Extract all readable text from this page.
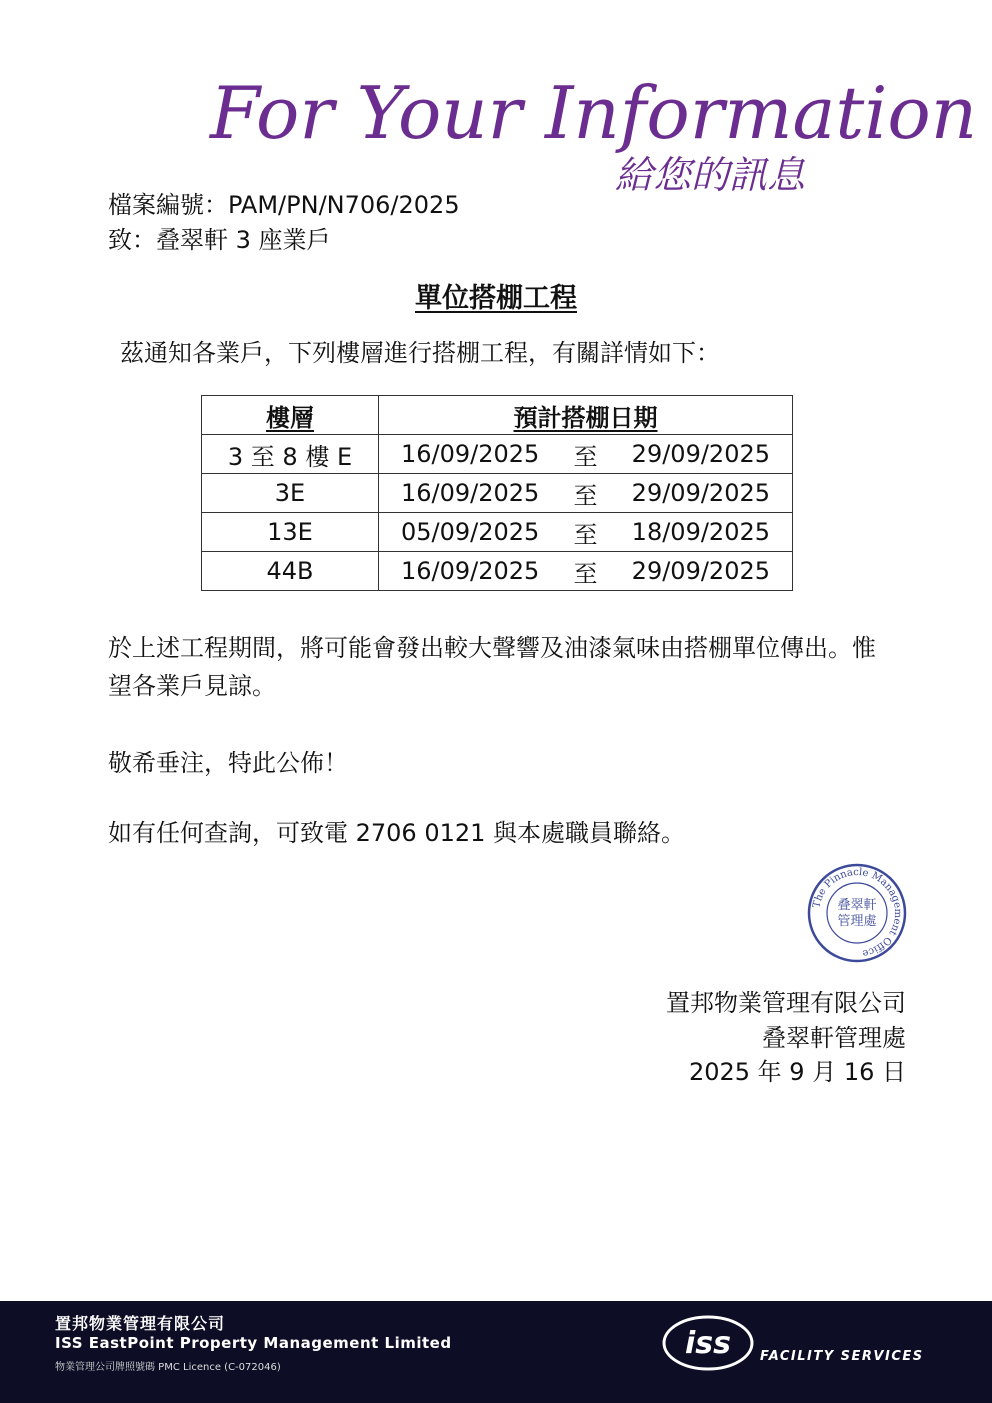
For Your Information
給您的訊息
檔案編號：PAM/PN/N706/2025
致：叠翠軒 3 座業戶
單位搭棚工程
茲通知各業戶，下列樓層進行搭棚工程，有關詳情如下：
樓層	預計搭棚日期
3 至 8 樓 E	16/09/2025 至 29/09/2025

3E	16/09/2025 至 29/09/2025

13E	05/09/2025 至 18/09/2025

44B	16/09/2025 至 29/09/2025
於上述工程期間，將可能會發出較大聲響及油漆氣味由搭棚單位傳出。惟望各業戶見諒。
敬希垂注，特此公佈！
如有任何查詢，可致電 2706 0121 與本處職員聯絡。
The Pinnacle Management Office
叠翠軒
管理處
置邦物業管理有限公司
叠翠軒管理處
2025 年 9 月 16 日
置邦物業管理有限公司
ISS EastPoint Property Management Limited
物業管理公司牌照號碼 PMC Licence (C-072046)
iss FACILITY SERVICES
